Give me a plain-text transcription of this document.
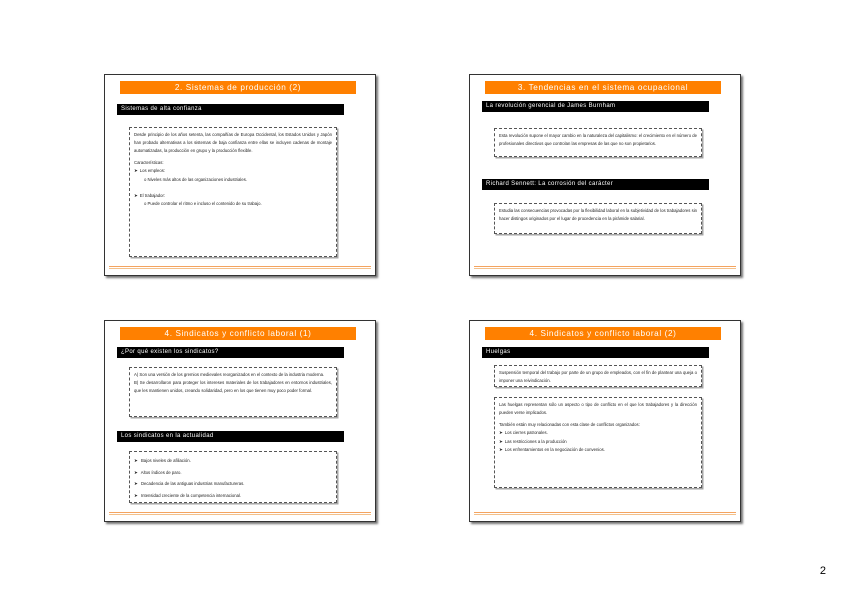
2. Sistemas de producción (2)
Sistemas de alta confianza
Desde principio de los años setenta, las compañías de Europa Occidental, los Estados Unidos y Japón han probado alternativas a los sistemas de baja confianza entre ellas se incluyen cadenas de montaje automatizadas, la producción en grupo y la producción flexible.
Características:
➤ Los empleos:
o Niveles más altos de las organizaciones industriales.
➤ El trabajador:
o Puede controlar el ritmo e incluso el contenido de su trabajo.
3. Tendencias en el sistema ocupacional
La revolución gerencial de James Burnham
Esta revolución supone el mayor cambio en la naturaleza del capitalismo: el crecimiento en el número de profesionales directivos que controlan las empresas de las que no son propietarios.
Richard Sennett: La corrosión del carácter
Estudia las consecuencias provocadas por la flexibilidad laboral en la subjetividad de los trabajadores sin hacer distingos originados por el lugar de procedencia en la pirámide salarial.
4. Sindicatos y conflicto laboral (1)
¿Por qué existen los sindicatos?
A) Son una versión de los gremios medievales reorganizados en el contexto de la industria moderna.
B) Se desarrollaron para proteger los intereses materiales de los trabajadores en entornos industriales, que les mantienen unidos, creando solidaridad, pero en los que tienen muy poco poder formal.
Los sindicatos en la actualidad
➤ Bajos niveles de afiliación.
➤ Altos índices de paro.
➤ Decadencia de las antiguas industrias manufactureras.
➤ Intensidad creciente de la competencia internacional.
4. Sindicatos y conflicto laboral (2)
Huelgas
Suspensión temporal del trabajo por parte de un grupo de empleados, con el fin de plantear una queja o imponer una reivindicación.
Las huelgas representan sólo un aspecto o tipo de conflicto en el que los trabajadores y la dirección pueden verse implicados.
También están muy relacionadas con esta clase de conflictos organizados:
➤ Los cierres patronales.
➤ Las restricciones a la producción
➤ Los enfrentamientos en la negociación de convenios.
2
